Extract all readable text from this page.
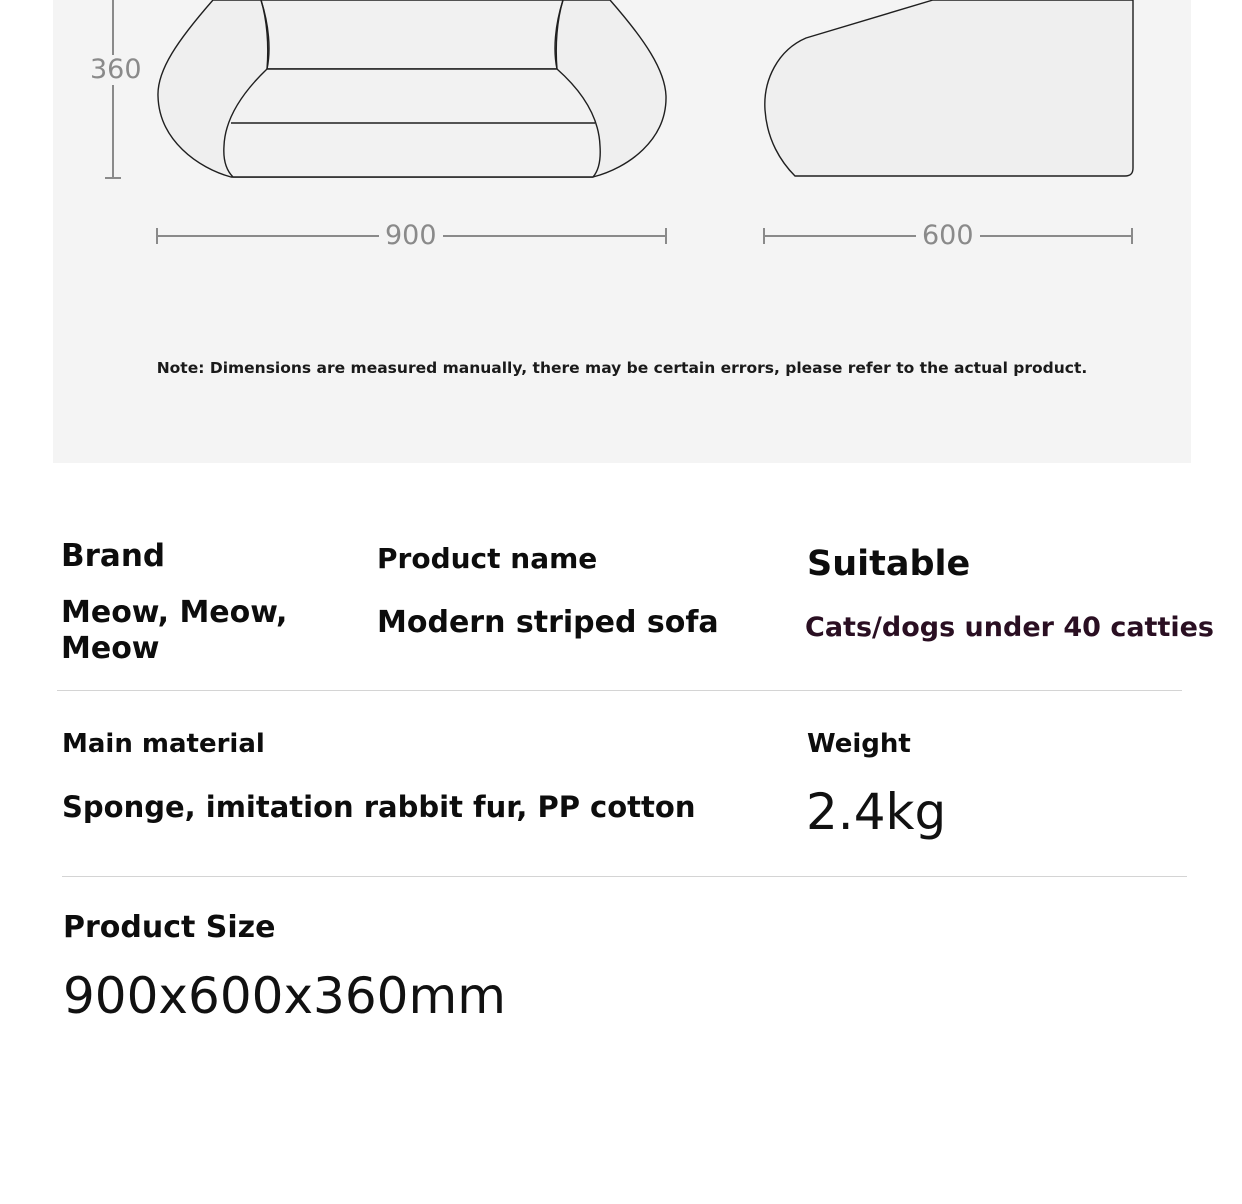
360
900	600
Note: Dimensions are measured manually, there may be certain errors, please refer to the actual product.
Brand
Meow, Meow,
Meow
Product name
Modern striped sofa
Suitable
Cats/dogs under 40 catties
Main material
Sponge, imitation rabbit fur, PP cotton
Weight
2.4kg
Product Size
900x600x360mm
